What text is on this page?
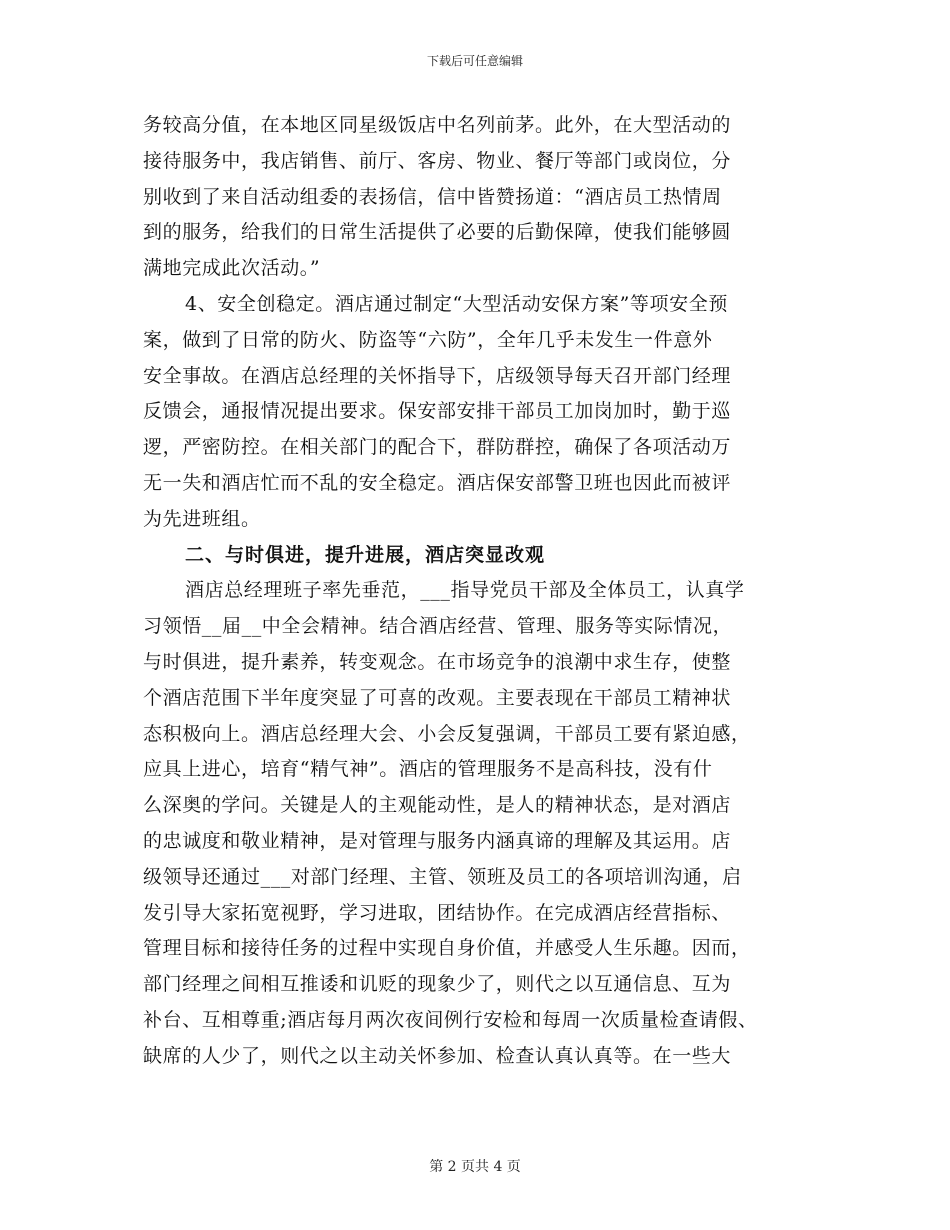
下载后可任意编辑
务较高分值，在本地区同星级饭店中名列前茅。此外，在大型活动的
接待服务中，我店销售、前厅、客房、物业、餐厅等部门或岗位，分
别收到了来自活动组委的表扬信，信中皆赞扬道：“酒店员工热情周
到的服务，给我们的日常生活提供了必要的后勤保障，使我们能够圆
满地完成此次活动。”
4、安全创稳定。酒店通过制定“大型活动安保方案”等项安全预
案，做到了日常的防火、防盗等“六防”，全年几乎未发生一件意外
安全事故。在酒店总经理的关怀指导下，店级领导每天召开部门经理
反馈会，通报情况提出要求。保安部安排干部员工加岗加时，勤于巡
逻，严密防控。在相关部门的配合下，群防群控，确保了各项活动万
无一失和酒店忙而不乱的安全稳定。酒店保安部警卫班也因此而被评
为先进班组。
二、与时俱进，提升进展，酒店突显改观
酒店总经理班子率先垂范，___指导党员干部及全体员工，认真学
习领悟__届__中全会精神。结合酒店经营、管理、服务等实际情况，
与时俱进，提升素养，转变观念。在市场竞争的浪潮中求生存，使整
个酒店范围下半年度突显了可喜的改观。主要表现在干部员工精神状
态积极向上。酒店总经理大会、小会反复强调，干部员工要有紧迫感，
应具上进心，培育“精气神”。酒店的管理服务不是高科技，没有什
么深奥的学问。关键是人的主观能动性，是人的精神状态，是对酒店
的忠诚度和敬业精神，是对管理与服务内涵真谛的理解及其运用。店
级领导还通过___对部门经理、主管、领班及员工的各项培训沟通，启
发引导大家拓宽视野，学习进取，团结协作。在完成酒店经营指标、
管理目标和接待任务的过程中实现自身价值，并感受人生乐趣。因而，
部门经理之间相互推诿和讥贬的现象少了，则代之以互通信息、互为
补台、互相尊重;酒店每月两次夜间例行安检和每周一次质量检查请假、
缺席的人少了，则代之以主动关怀参加、检查认真认真等。在一些大
第 2 页共 4 页
